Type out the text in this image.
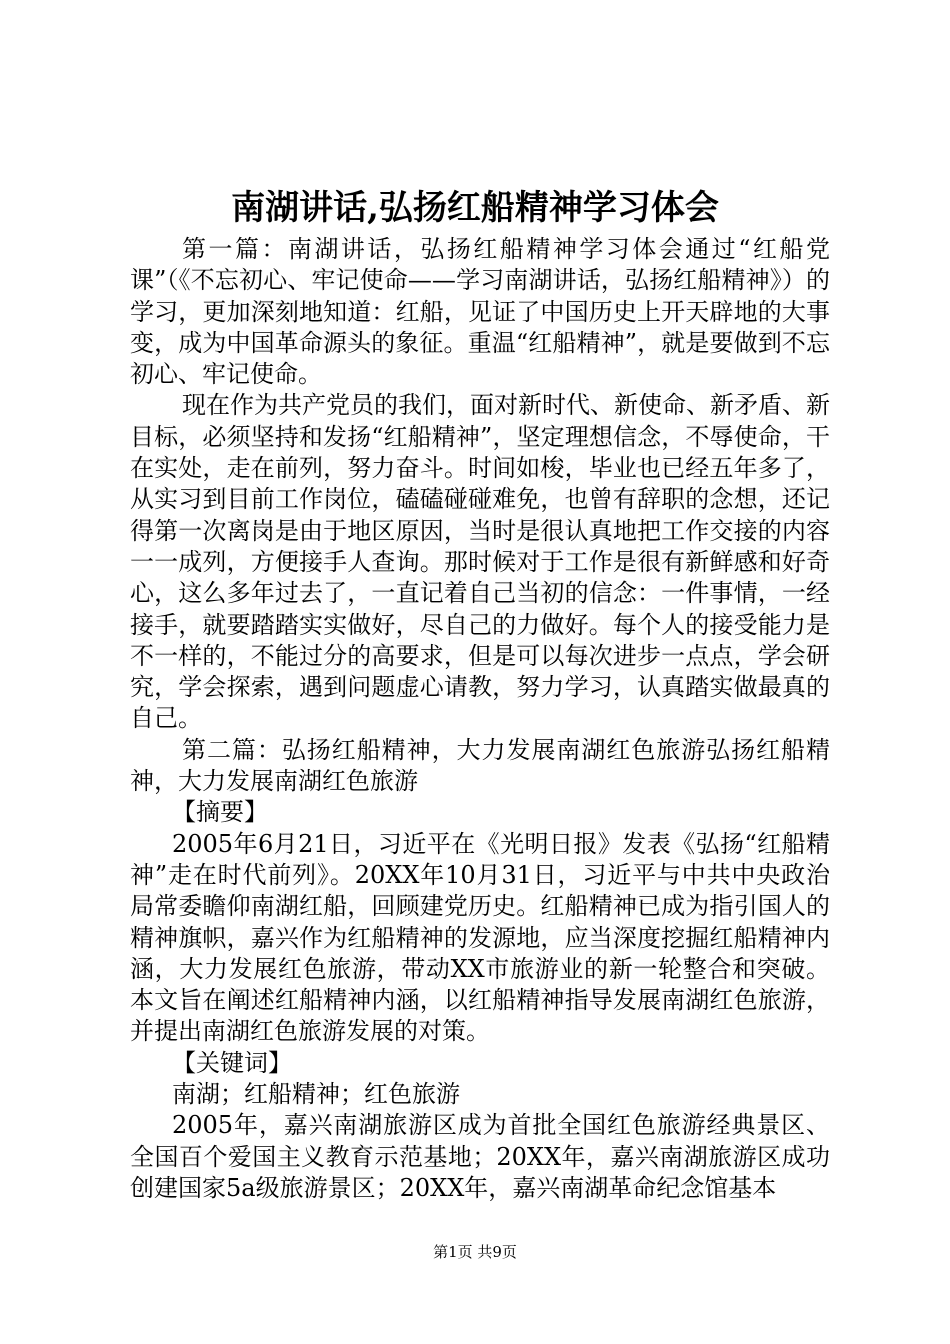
南湖讲话,弘扬红船精神学习体会

第一篇：南湖讲话，弘扬红船精神学习体会通过“红船党课”（《不忘初心、牢记使命——学习南湖讲话，弘扬红船精神》）的学习，更加深刻地知道：红船，见证了中国历史上开天辟地的大事变，成为中国革命源头的象征。重温“红船精神”，就是要做到不忘初心、牢记使命。

现在作为共产党员的我们，面对新时代、新使命、新矛盾、新目标，必须坚持和发扬“红船精神”，坚定理想信念，不辱使命，干在实处，走在前列，努力奋斗。时间如梭，毕业也已经五年多了，从实习到目前工作岗位，磕磕碰碰难免，也曾有辞职的念想，还记得第一次离岗是由于地区原因，当时是很认真地把工作交接的内容一一成列，方便接手人查询。那时候对于工作是很有新鲜感和好奇心，这么多年过去了，一直记着自己当初的信念：一件事情，一经接手，就要踏踏实实做好，尽自己的力做好。每个人的接受能力是不一样的，不能过分的高要求，但是可以每次进步一点点，学会研究，学会探索，遇到问题虚心请教，努力学习，认真踏实做最真的自己。

第二篇：弘扬红船精神，大力发展南湖红色旅游弘扬红船精神，大力发展南湖红色旅游

【摘要】

2005年6月21日，习近平在《光明日报》发表《弘扬“红船精神”走在时代前列》。20XX年10月31日，习近平与中共中央政治局常委瞻仰南湖红船，回顾建党历史。红船精神已成为指引国人的精神旗帜，嘉兴作为红船精神的发源地，应当深度挖掘红船精神内涵，大力发展红色旅游，带动XX市旅游业的新一轮整合和突破。本文旨在阐述红船精神内涵，以红船精神指导发展南湖红色旅游，并提出南湖红色旅游发展的对策。

【关键词】

南湖；红船精神；红色旅游

2005年，嘉兴南湖旅游区成为首批全国红色旅游经典景区、全国百个爱国主义教育示范基地；20XX年，嘉兴南湖旅游区成功创建国家5a级旅游景区；20XX年，嘉兴南湖革命纪念馆基本

第1页 共9页
